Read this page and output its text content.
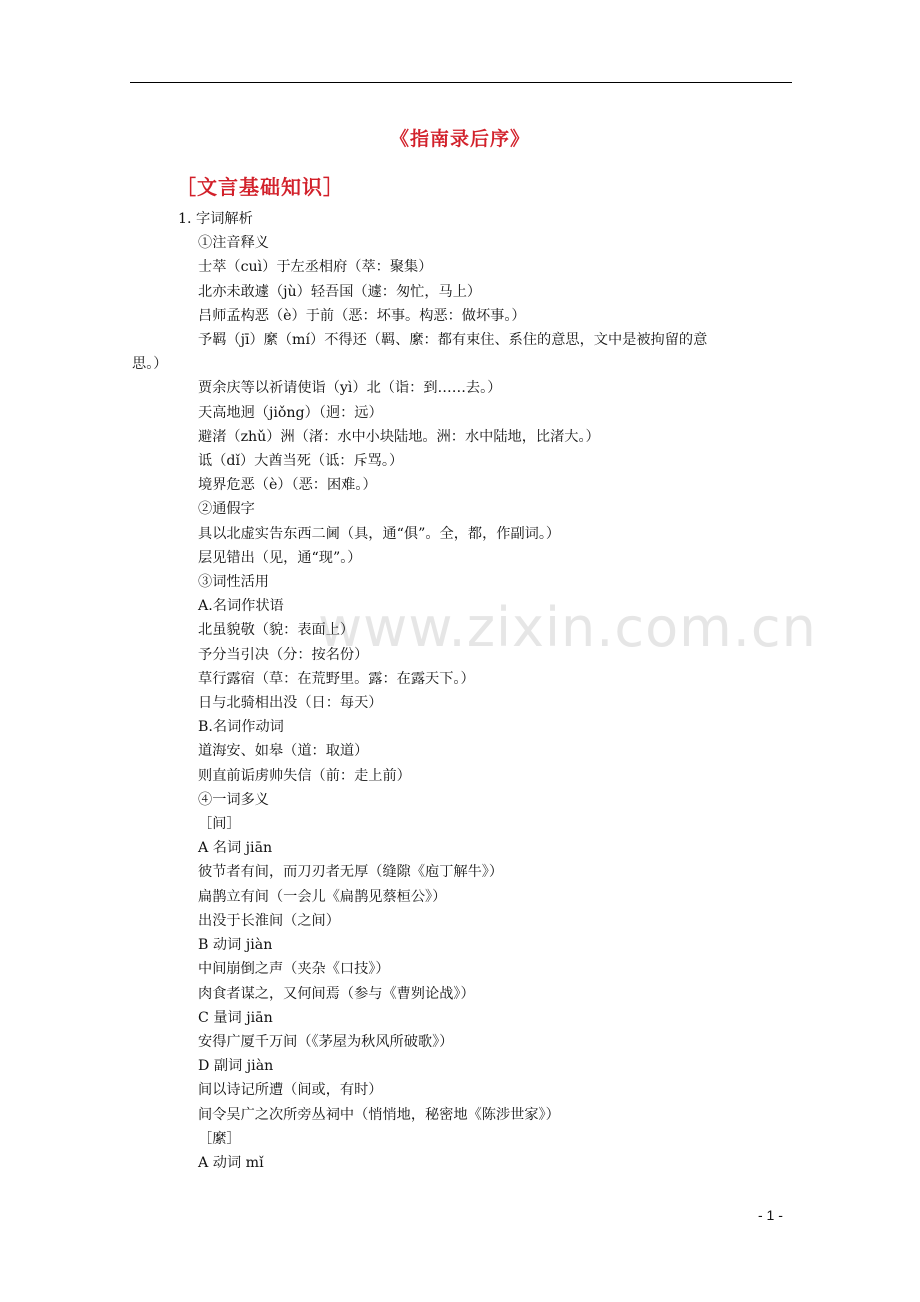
《指南录后序》
［文言基础知识］
www.zixin.com.cn
1. 字词解析
①注音释义
士萃（cuì）于左丞相府（萃：聚集）
北亦未敢遽（jù）轻吾国（遽：匆忙，马上）
吕师孟构恶（è）于前（恶：坏事。构恶：做坏事。）
予羁（jī）縻（mí）不得还（羁、縻：都有束住、系住的意思，文中是被拘留的意
思。）
贾余庆等以祈请使诣（yì）北（诣：到……去。）
天高地迥（jiǒng）（迥：远）
避渚（zhǔ）洲（渚：水中小块陆地。洲：水中陆地，比渚大。）
诋（dǐ）大酋当死（诋：斥骂。）
境界危恶（è）（恶：困难。）
②通假字
具以北虚实告东西二阃（具，通“俱”。全，都，作副词。）
层见错出（见，通“现”。）
③词性活用
A.名词作状语
北虽貌敬（貌：表面上）
予分当引决（分：按名份）
草行露宿（草：在荒野里。露：在露天下。）
日与北骑相出没（日：每天）
B.名词作动词
道海安、如皋（道：取道）
则直前诟虏帅失信（前：走上前）
④一词多义
［间］
A 名词 jiān
彼节者有间，而刀刃者无厚（缝隙《庖丁解牛》）
扁鹊立有间（一会儿《扁鹊见蔡桓公》）
出没于长淮间（之间）
B 动词 jiàn
中间崩倒之声（夹杂《口技》）
肉食者谋之，又何间焉（参与《曹刿论战》）
C 量词 jiān
安得广厦千万间（《茅屋为秋风所破歌》）
D 副词 jiàn
间以诗记所遭（间或，有时）
间令吴广之次所旁丛祠中（悄悄地，秘密地《陈涉世家》）
［縻］
A 动词 mǐ
- 1 -
